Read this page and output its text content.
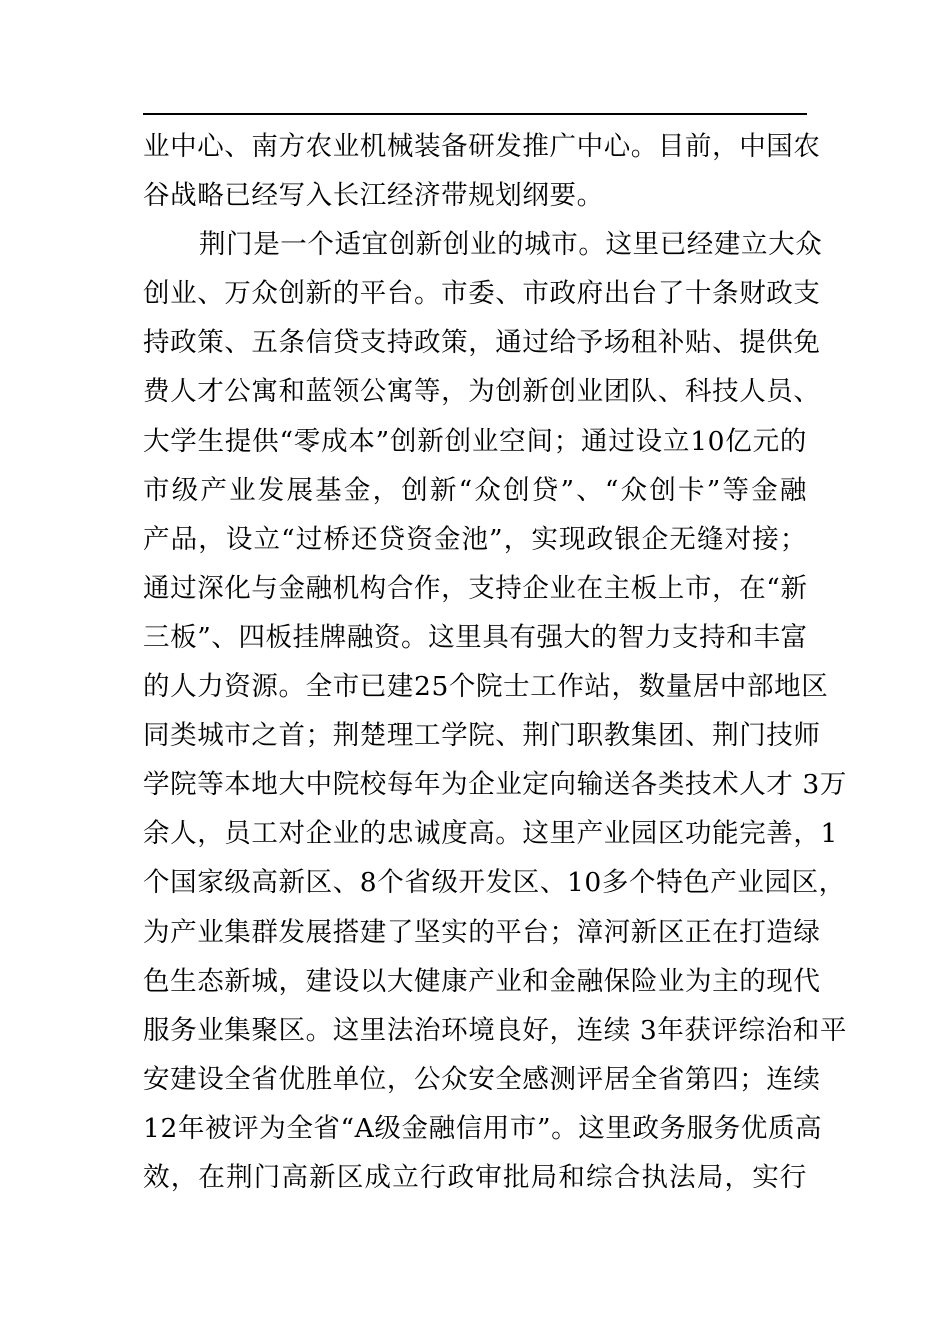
业中心、南方农业机械装备研发推广中心。目前，中国农
谷战略已经写入长江经济带规划纲要。
荆门是一个适宜创新创业的城市。这里已经建立大众
创业、万众创新的平台。市委、市政府出台了十条财政支
持政策、五条信贷支持政策，通过给予场租补贴、提供免
费人才公寓和蓝领公寓等，为创新创业团队、科技人员、
大学生提供“零成本”创新创业空间；通过设立10亿元的
市级产业发展基金，创新“众创贷”、“众创卡”等金融
产品，设立“过桥还贷资金池”，实现政银企无缝对接；
通过深化与金融机构合作，支持企业在主板上市，在“新
三板”、四板挂牌融资。这里具有强大的智力支持和丰富
的人力资源。全市已建25个院士工作站，数量居中部地区
同类城市之首；荆楚理工学院、荆门职教集团、荆门技师
学院等本地大中院校每年为企业定向输送各类技术人才 3万
余人，员工对企业的忠诚度高。这里产业园区功能完善，1
个国家级高新区、8个省级开发区、10多个特色产业园区，
为产业集群发展搭建了坚实的平台；漳河新区正在打造绿
色生态新城，建设以大健康产业和金融保险业为主的现代
服务业集聚区。这里法治环境良好，连续 3年获评综治和平
安建设全省优胜单位，公众安全感测评居全省第四；连续
12年被评为全省“A级金融信用市”。这里政务服务优质高
效，在荆门高新区成立行政审批局和综合执法局，实行
